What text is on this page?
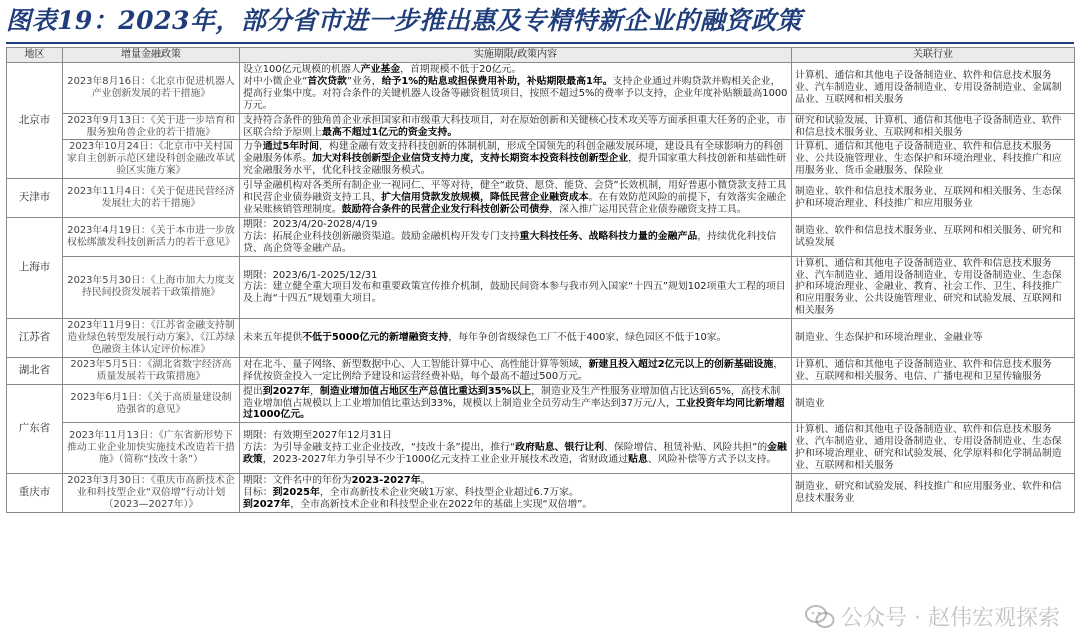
图表19：2023年，部分省市进一步推出惠及专精特新企业的融资政策
地区	增量金融政策	实施期限/政策内容	关联行业
北京市	2023年8月16日：《北京市促进机器人产业创新发展的若干措施》	设立100亿元规模的机器人产业基金，首期规模不低于20亿元。
对中小微企业“首次贷款”业务，给予1%的贴息或担保费用补助，补贴期限最高1年。支持企业通过并购贷款并购相关企业，提高行业集中度。对符合条件的关键机器人设备等融资租赁项目，按照不超过5%的费率予以支持，企业年度补贴额最高1000万元。	计算机、通信和其他电子设备制造业、软件和信息技术服务业、汽车制造业、通用设备制造业、专用设备制造业、金属制品业、互联网和相关服务
	2023年9月13日：《关于进一步培育和服务独角兽企业的若干措施》	支持符合条件的独角兽企业承担国家和市级重大科技项目，对在原始创新和关键核心技术攻关等方面承担重大任务的企业，市区联合给予原则上最高不超过1亿元的资金支持。	研究和试验发展、计算机、通信和其他电子设备制造业、软件和信息技术服务业、互联网和相关服务
	2023年10月24日：《北京市中关村国家自主创新示范区建设科创金融改革试验区实施方案》	力争通过5年时间，构建金融有效支持科技创新的体制机制，形成全国领先的科创金融发展环境，建设具有全球影响力的科创金融服务体系。加大对科技创新型企业信贷支持力度，支持长期资本投资科技创新型企业，提升国家重大科技创新和基础性研究金融服务水平，优化科技金融服务模式。	计算机、通信和其他电子设备制造业、软件和信息技术服务业、公共设施管理业、生态保护和环境治理业、科技推广和应用服务业、货币金融服务、保险业
天津市	2023年11月4日：《关于促进民营经济发展壮大的若干措施》	引导金融机构对各类所有制企业一视同仁、平等对待，健全“敢贷、愿贷、能贷、会贷”长效机制，用好普惠小微贷款支持工具和民营企业债券融资支持工具，扩大信用贷款发放规模，降低民营企业融资成本。在有效防范风险的前提下，有效落实金融企业呆账核销管理制度。鼓励符合条件的民营企业发行科技创新公司债券，深入推广运用民营企业债券融资支持工具。	制造业、软件和信息技术服务业、互联网和相关服务、生态保护和环境治理业、科技推广和应用服务业
上海市	2023年4月19日：《关于本市进一步放权松绑激发科技创新活力的若干意见》	期限：2023/4/20-2028/4/19
方法：拓展企业科技创新融资渠道。鼓励金融机构开发专门支持重大科技任务、战略科技力量的金融产品，持续优化科技信贷、高企贷等金融产品。	制造业、软件和信息技术服务业、互联网和相关服务、研究和试验发展
	2023年5月30日：《上海市加大力度支持民间投资发展若干政策措施》	期限：2023/6/1-2025/12/31
方法：建立健全重大项目发布和重要政策宣传推介机制，鼓励民间资本参与我市列入国家“十四五”规划102项重大工程的项目及上海“十四五”规划重大项目。	计算机、通信和其他电子设备制造业、软件和信息技术服务业、汽车制造业、通用设备制造业、专用设备制造业、生态保护和环境治理业、金融业、教育、社会工作、卫生、科技推广和应用服务业、公共设施管理业、研究和试验发展、互联网和相关服务
江苏省	2023年11月9日：《江苏省金融支持制造业绿色转型发展行动方案》、《江苏绿色融资主体认定评价标准》	未来五年提供不低于5000亿元的新增融资支持，每年争创省级绿色工厂不低于400家、绿色园区不低于10家。	制造业、生态保护和环境治理业、金融业等
湖北省	2023年5月5日：《湖北省数字经济高质量发展若干政策措施》	对在北斗、量子网络、新型数据中心、人工智能计算中心、高性能计算等领域，新建且投入超过2亿元以上的创新基础设施，择优按资金投入一定比例给予建设和运营经费补贴，每个最高不超过500万元。	计算机、通信和其他电子设备制造业、软件和信息技术服务业、互联网和相关服务、电信、广播电视和卫星传输服务
广东省	2023年6月1日：《关于高质量建设制造强省的意见》	提出到2027年，制造业增加值占地区生产总值比重达到35%以上，制造业及生产性服务业增加值占比达到65%，高技术制造业增加值占规模以上工业增加值比重达到33%，规模以上制造业全员劳动生产率达到37万元/人，工业投资年均同比新增超过1000亿元。	制造业
	2023年11月13日：《广东省新形势下推动工业企业加快实施技术改造若干措施》（简称“技改十条”）	期限：有效期至2027年12月31日
方法：为引导金融支持工业企业技改，“技改十条”提出，推行“政府贴息、银行让利、保险增信、租赁补贴、风险共担”的金融政策，2023-2027年力争引导不少于1000亿元支持工业企业开展技术改造，省财政通过贴息、风险补偿等方式予以支持。	计算机、通信和其他电子设备制造业、软件和信息技术服务业、汽车制造业、通用设备制造业、专用设备制造业、生态保护和环境治理业、研究和试验发展、化学原料和化学制品制造业、互联网和相关服务
重庆市	2023年3月30日：《重庆市高新技术企业和科技型企业“双倍增”行动计划（2023—2027年）》	期限：文件名中的年份为2023-2027年。
目标：到2025年，全市高新技术企业突破1万家、科技型企业超过6.7万家。
到2027年，全市高新技术企业和科技型企业在2022年的基础上实现“双倍增”。	制造业、研究和试验发展、科技推广和应用服务业、软件和信息技术服务业
公众号 · 赵伟宏观探索
